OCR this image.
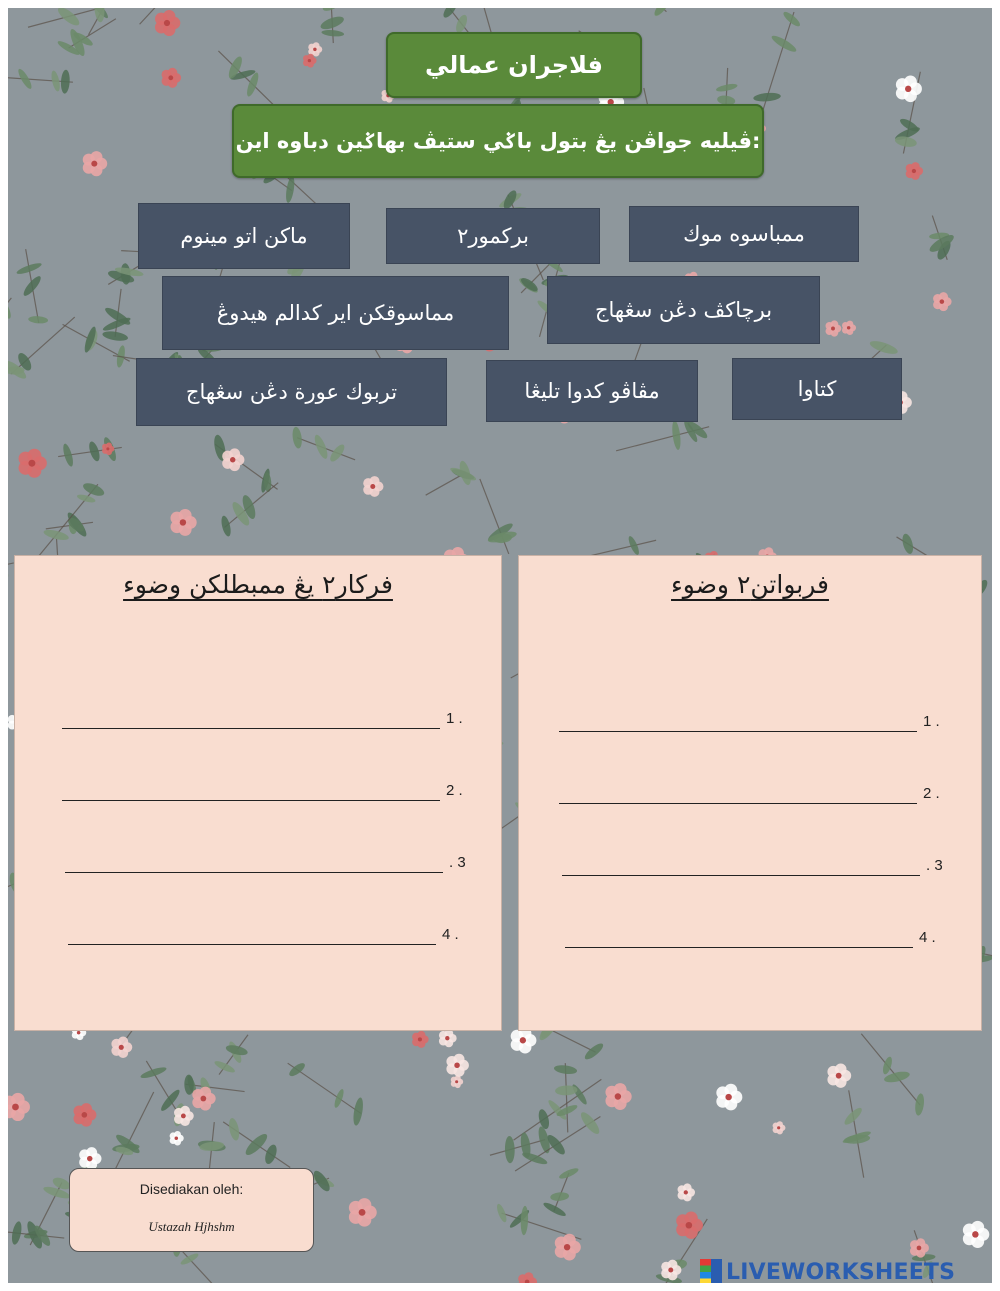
فلاجران عمالي
ڤيليه جواڤن يڠ بتول باݢي ستيڤ بهاݢين دباوه اين:
ماكن اتو مينوم	بركمور٢	ممباسوه موك
مماسوقكن اير كدالم هيدوڠ	برچاكڤ دڠن سڠهاج
تربوك عورة دڠن سڠهاج	مڤاڤو كدوا تليڠا	كتاوا
فركار٢ يڠ ممبطلكن وضوء
1 .
2 .
. 3
4 .
فربواتن٢ وضوء
1 .
2 .
. 3
4 .
Disediakan oleh:
Ustazah Hjhshm
LIVEWORKSHEETS
